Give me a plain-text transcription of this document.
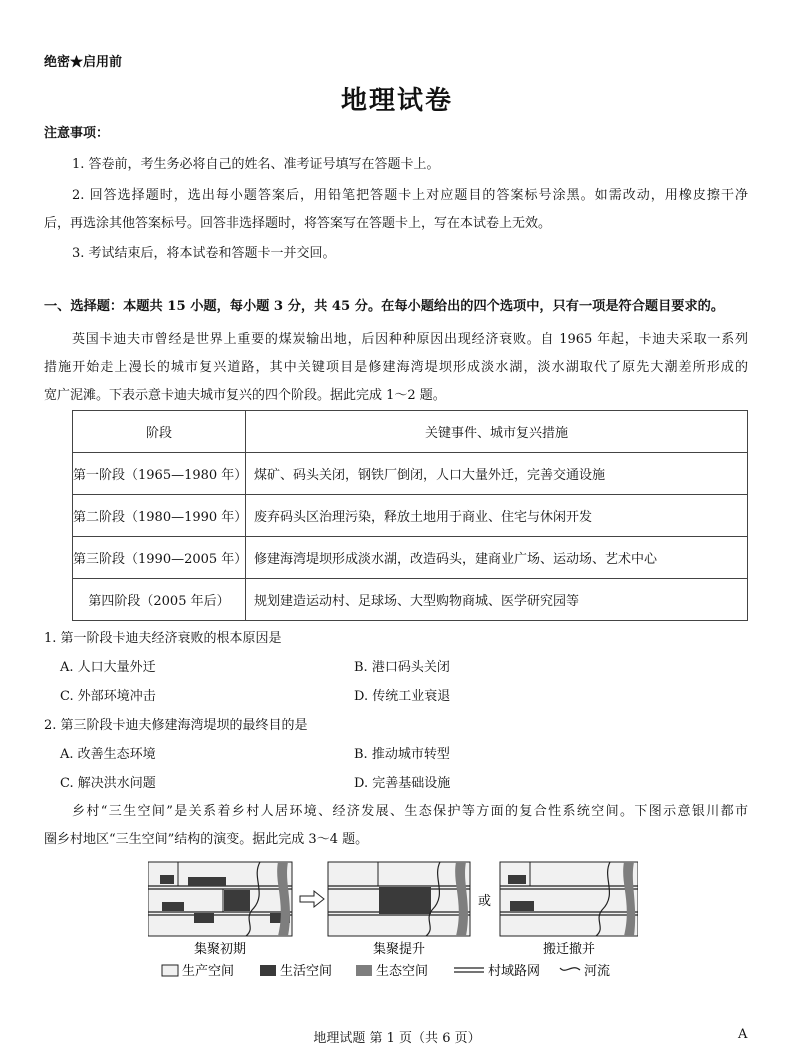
绝密★启用前
地理试卷
注意事项：
1. 答卷前，考生务必将自己的姓名、准考证号填写在答题卡上。
2. 回答选择题时，选出每小题答案后，用铅笔把答题卡上对应题目的答案标号涂黑。如需改动，用橡皮擦干净
后，再选涂其他答案标号。回答非选择题时，将答案写在答题卡上，写在本试卷上无效。
3. 考试结束后，将本试卷和答题卡一并交回。
一、选择题：本题共 15 小题，每小题 3 分，共 45 分。在每小题给出的四个选项中，只有一项是符合题目要求的。
英国卡迪夫市曾经是世界上重要的煤炭输出地，后因种种原因出现经济衰败。自 1965 年起，卡迪夫采取一系列
措施开始走上漫长的城市复兴道路，其中关键项目是修建海湾堤坝形成淡水湖，淡水湖取代了原先大潮差所形成的
宽广泥滩。下表示意卡迪夫城市复兴的四个阶段。据此完成 1～2 题。
阶段	关键事件、城市复兴措施
第一阶段（1965—1980 年）	煤矿、码头关闭，钢铁厂倒闭，人口大量外迁，完善交通设施
第二阶段（1980—1990 年）	废弃码头区治理污染，释放土地用于商业、住宅与休闲开发
第三阶段（1990—2005 年）	修建海湾堤坝形成淡水湖，改造码头，建商业广场、运动场、艺术中心
第四阶段（2005 年后）	规划建造运动村、足球场、大型购物商城、医学研究园等
1. 第一阶段卡迪夫经济衰败的根本原因是
A. 人口大量外迁	B. 港口码头关闭
C. 外部环境冲击	D. 传统工业衰退
2. 第三阶段卡迪夫修建海湾堤坝的最终目的是
A. 改善生态环境	B. 推动城市转型
C. 解决洪水问题	D. 完善基础设施
乡村“三生空间”是关系着乡村人居环境、经济发展、生态保护等方面的复合性系统空间。下图示意银川都市
圈乡村地区“三生空间”结构的演变。据此完成 3～4 题。
或
集聚初期	集聚提升	搬迁撤并
生产空间	生活空间	生态空间	村域路网	河流
地理试题 第 1 页（共 6 页）	A
